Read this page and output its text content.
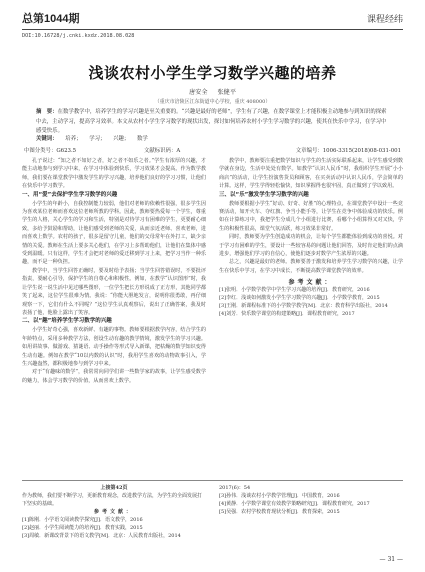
总第1044期	课程经纬
DOI:10.16728/j.cnki.kxdz.2018.08.028
浅谈农村小学生学习数学兴趣的培养
唐安全 张健平
（重庆市涪陵区江东街道中心学校，重庆 408000）
摘　要：在数学教学中，培养学生的学习兴趣是至关重要的。“兴趣是最好的老师”，学生有了兴趣，在数学课堂上才能积极主动地参与到知识的探索中去，主动学习，提高学习效率。本文从农村小学生学习数学的现状出发，探讨如何培养农村小学生学习数学的兴趣，使其在快乐中学习，在学习中感受快乐。
关键词： 培养； 学习； 兴趣； 数学
中图分类号：G623.5	文献标识码：A	文章编号：1006-3315(2018)08-031-001

孔子说过：“知之者不如好之者，好之者不如乐之者。”学生有浓厚的兴趣，才能主动地参与到学习中来，在学习中体验到快乐，学习效果才会提高。作为数学教师，我们要在课堂教学中激发学生的学习兴趣，培养他们良好的学习习惯，让他们在快乐中学习数学。

一、用“爱”去保护学生学习数学的兴趣

小学生的年龄小，自我控制能力较弱，他们对老师的依赖性很强，很多学生因为喜欢某位老师而喜欢这位老师所教的学科。因此，教师要热爱每一个学生，尊重学生的人格，关心学生的学习和生活，特别是对待学习有困难的学生，更要耐心细致，多给予鼓励和帮助，让他们感受到老师的关爱，从而亲近老师、喜欢老师，进而喜欢上数学。农村的孩子，很多是留守儿童，他们的父母常年在外打工，缺少亲情的关爱。教师在生活上要多关心他们，在学习上多帮助他们，让他们在集体中感受到温暖。只有这样，学生才会把对老师的爱迁移到学习上来，把学习当作一种乐趣，而不是一种负担。

教学中，当学生回答正确时，要及时给予表扬；当学生回答错误时，不要批评指责，要耐心引导，保护学生的自尊心和积极性。例如，在教学“认识图形”时，我让学生说一说生活中见过哪些图形，一位学生把长方形说成了正方形，其他同学都笑了起来，这位学生很难为情。我说：“你能大胆地发言，说明你很勇敢，再仔细观察一下，它们有什么不同呢？”这位学生认真观察后，说出了正确答案，我及时表扬了他，他脸上露出了笑容。

二、以“趣”培养学生学习数学的兴趣

小学生好奇心强，喜欢新鲜、有趣的事物。教师要根据教学内容，结合学生的年龄特点，采用多种教学方法，创设生动有趣的教学情境，激发学生的学习兴趣。如用讲故事、做游戏、猜谜语、动手操作等形式导入新课，把枯燥的数学知识变得生动有趣。例如在教学“10以内数的认识”时，我用学生喜欢的动物故事引入，学生兴趣盎然，都积极地参与到学习中来。

对于“有趣味的数学”，我常常向同学们讲一些数学家的故事，让学生感受数学的魅力，体会学习数学的价值，从而喜欢上数学。

教学中，教师要注重把数学知识与学生的生活实际联系起来，让学生感受到数学就在身边，生活中处处有数学。如教学“认识人民币”时，我组织学生开展“小小商店”的活动，让学生扮演售货员和顾客，在买卖活动中认识人民币，学会简单的计算。这样，学生学得轻松愉快，知识掌握得也很牢固，真正做到了学以致用。

三、以“乐”激发学生学习数学的兴趣

教师要根据小学生“好动、好奇、好胜”的心理特点，在课堂教学中设计一些竞赛活动，如开火车、夺红旗、争当小能手等，让学生在竞争中体验成功的快乐。例如在计算练习中，我把学生分成几个小组进行比赛，看哪个小组算得又对又快，学生的积极性很高，课堂气氛活跃，练习效果非常好。

同时，教师要为学生创造成功的机会，让每个学生都能体验到成功的喜悦。对于学习有困难的学生，要设计一些较容易的问题让他们回答，及时肯定他们的点滴进步，增强他们学习的自信心，使他们逐步对数学产生浓厚的兴趣。

总之，兴趣是最好的老师。教师要善于激发和培养学生学习数学的兴趣，让学生在快乐中学习，在学习中成长，不断提高数学课堂教学的效率。

参考文献：

[1]张明．小学数学教学中学生学习兴趣的培养[J]．教育研究，2016

[2]李红．浅谈如何激发小学生学习数学的兴趣[J]．小学数学教育，2015

[3]王刚．新课程标准下的小学数学教学[M]．北京：教育科学出版社，2014

[4]刘芳．快乐数学课堂的构建策略[J]．课程教育研究，2017

上接第42页

作为教师，我们要不断学习，更新教育观念，改进教学方法，为学生的全面发展打下坚实的基础。

参考文献：

[1]陈刚．小学语文阅读教学探究[J]．语文教学，2016

[2]赵丽．小学生阅读能力的培养[J]．教育实践，2015

[3]周敏．新课改背景下的语文教学[M]．北京：人民教育出版社，2014

2017(6)：54

[3]孙伟．浅谈农村小学教学管理[J]．中国教育，2016

[4]黄静．小学数学课堂有效教学策略研究[J]．课程教育研究，2017

[5]吴强．农村学校教育现状分析[J]．教育探索，2015

— 31 —
